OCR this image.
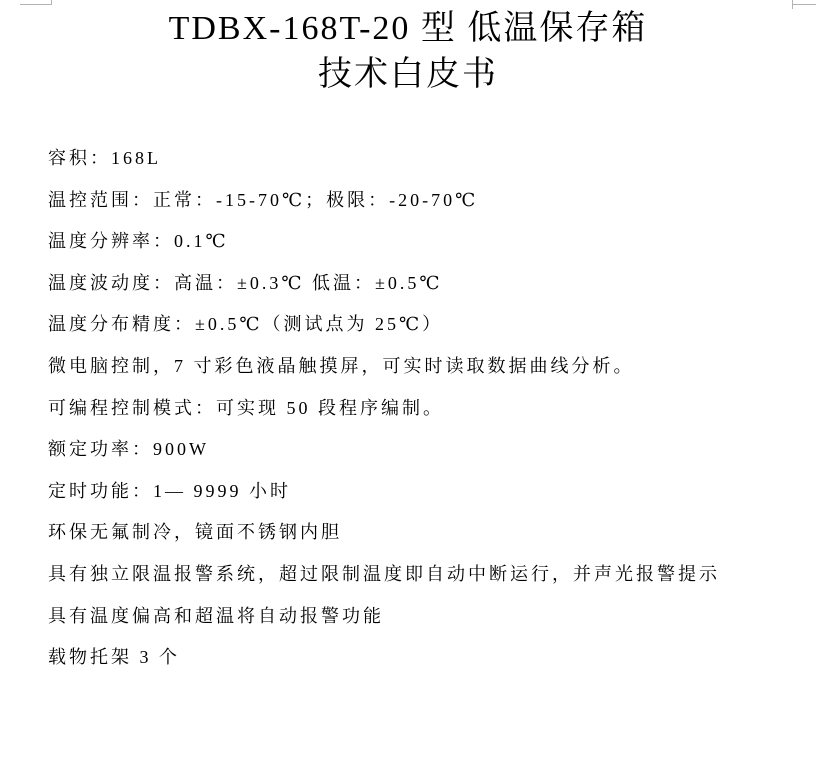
TDBX-168T-20 型 低温保存箱
技术白皮书

容积：168L

温控范围：正常：-15-70℃；极限：-20-70℃

温度分辨率：0.1℃

温度波动度：高温：±0.3℃ 低温：±0.5℃

温度分布精度：±0.5℃（测试点为 25℃）

微电脑控制，7 寸彩色液晶触摸屏，可实时读取数据曲线分析。

可编程控制模式：可实现 50 段程序编制。

额定功率：900W

定时功能：1— 9999 小时

环保无氟制冷，镜面不锈钢内胆

具有独立限温报警系统，超过限制温度即自动中断运行，并声光报警提示

具有温度偏高和超温将自动报警功能

载物托架 3 个
